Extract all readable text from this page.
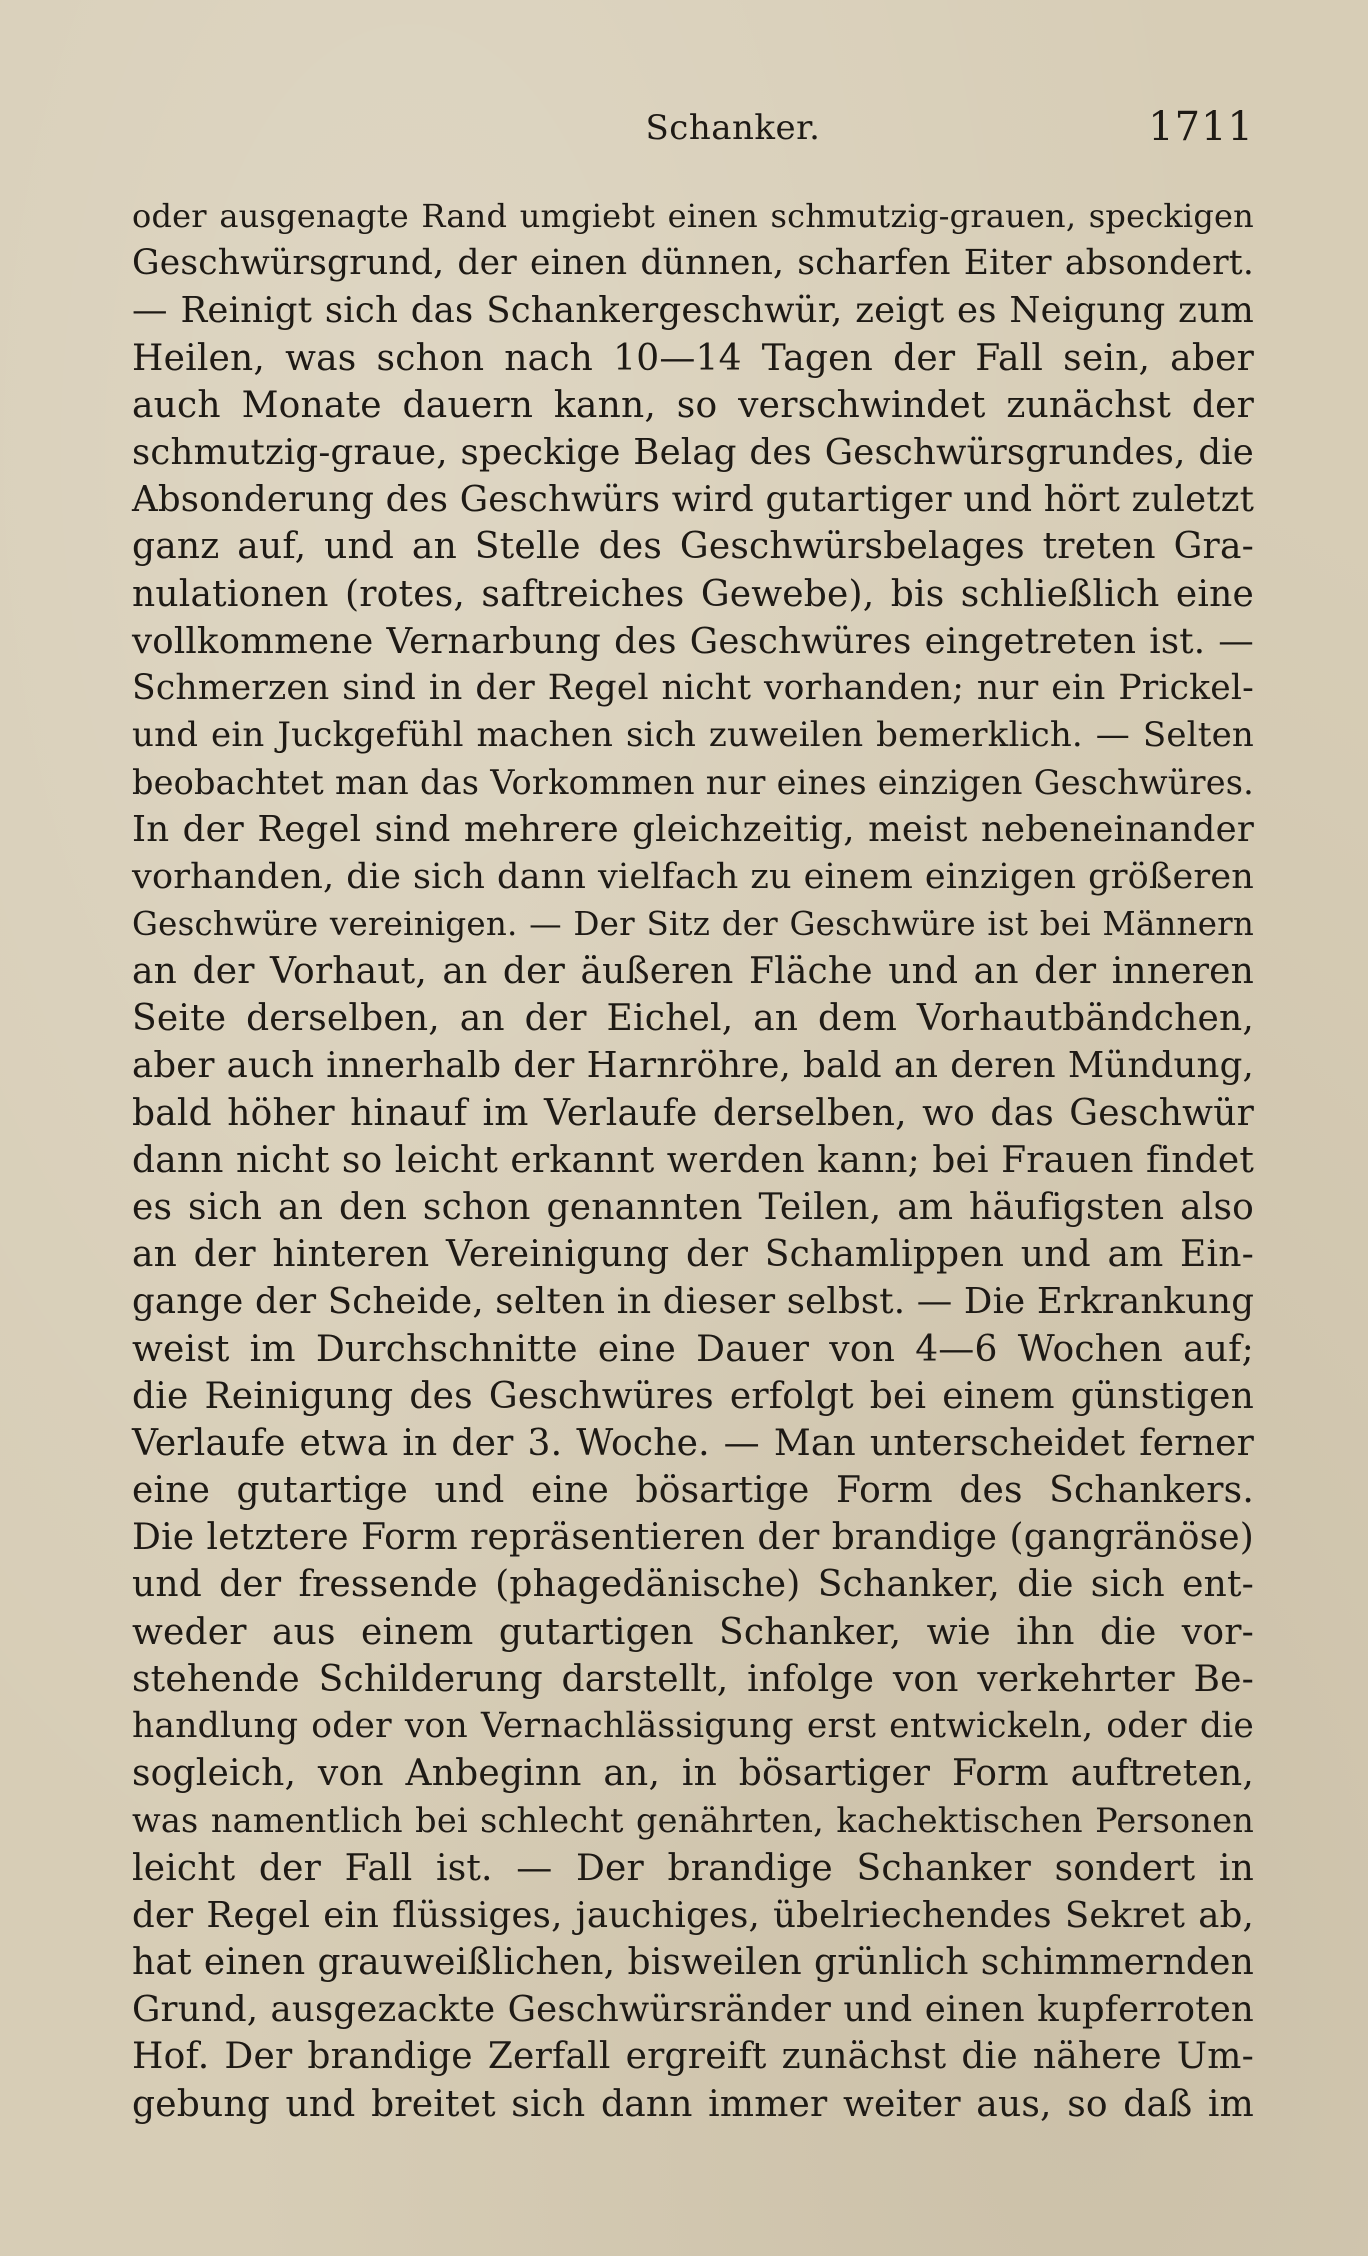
Schanker.	1711
oder ausgenagte Rand umgiebt einen schmutzig-grauen, speckigen
Geschwürsgrund, der einen dünnen, scharfen Eiter absondert.
— Reinigt sich das Schankergeschwür, zeigt es Neigung zum
Heilen, was schon nach 10—14 Tagen der Fall sein, aber
auch Monate dauern kann, so verschwindet zunächst der
schmutzig-graue, speckige Belag des Geschwürsgrundes, die
Absonderung des Geschwürs wird gutartiger und hört zuletzt
ganz auf, und an Stelle des Geschwürsbelages treten Gra-
nulationen (rotes, saftreiches Gewebe), bis schließlich eine
vollkommene Vernarbung des Geschwüres eingetreten ist. —
Schmerzen sind in der Regel nicht vorhanden; nur ein Prickel-
und ein Juckgefühl machen sich zuweilen bemerklich. — Selten
beobachtet man das Vorkommen nur eines einzigen Geschwüres.
In der Regel sind mehrere gleichzeitig, meist nebeneinander
vorhanden, die sich dann vielfach zu einem einzigen größeren
Geschwüre vereinigen. — Der Sitz der Geschwüre ist bei Männern
an der Vorhaut, an der äußeren Fläche und an der inneren
Seite derselben, an der Eichel, an dem Vorhautbändchen,
aber auch innerhalb der Harnröhre, bald an deren Mündung,
bald höher hinauf im Verlaufe derselben, wo das Geschwür
dann nicht so leicht erkannt werden kann; bei Frauen findet
es sich an den schon genannten Teilen, am häufigsten also
an der hinteren Vereinigung der Schamlippen und am Ein-
gange der Scheide, selten in dieser selbst. — Die Erkrankung
weist im Durchschnitte eine Dauer von 4—6 Wochen auf;
die Reinigung des Geschwüres erfolgt bei einem günstigen
Verlaufe etwa in der 3. Woche. — Man unterscheidet ferner
eine gutartige und eine bösartige Form des Schankers.
Die letztere Form repräsentieren der brandige (gangränöse)
und der fressende (phagedänische) Schanker, die sich ent-
weder aus einem gutartigen Schanker, wie ihn die vor-
stehende Schilderung darstellt, infolge von verkehrter Be-
handlung oder von Vernachlässigung erst entwickeln, oder die
sogleich, von Anbeginn an, in bösartiger Form auftreten,
was namentlich bei schlecht genährten, kachektischen Personen
leicht der Fall ist. — Der brandige Schanker sondert in
der Regel ein flüssiges, jauchiges, übelriechendes Sekret ab,
hat einen grauweißlichen, bisweilen grünlich schimmernden
Grund, ausgezackte Geschwürsränder und einen kupferroten
Hof. Der brandige Zerfall ergreift zunächst die nähere Um-
gebung und breitet sich dann immer weiter aus, so daß im
